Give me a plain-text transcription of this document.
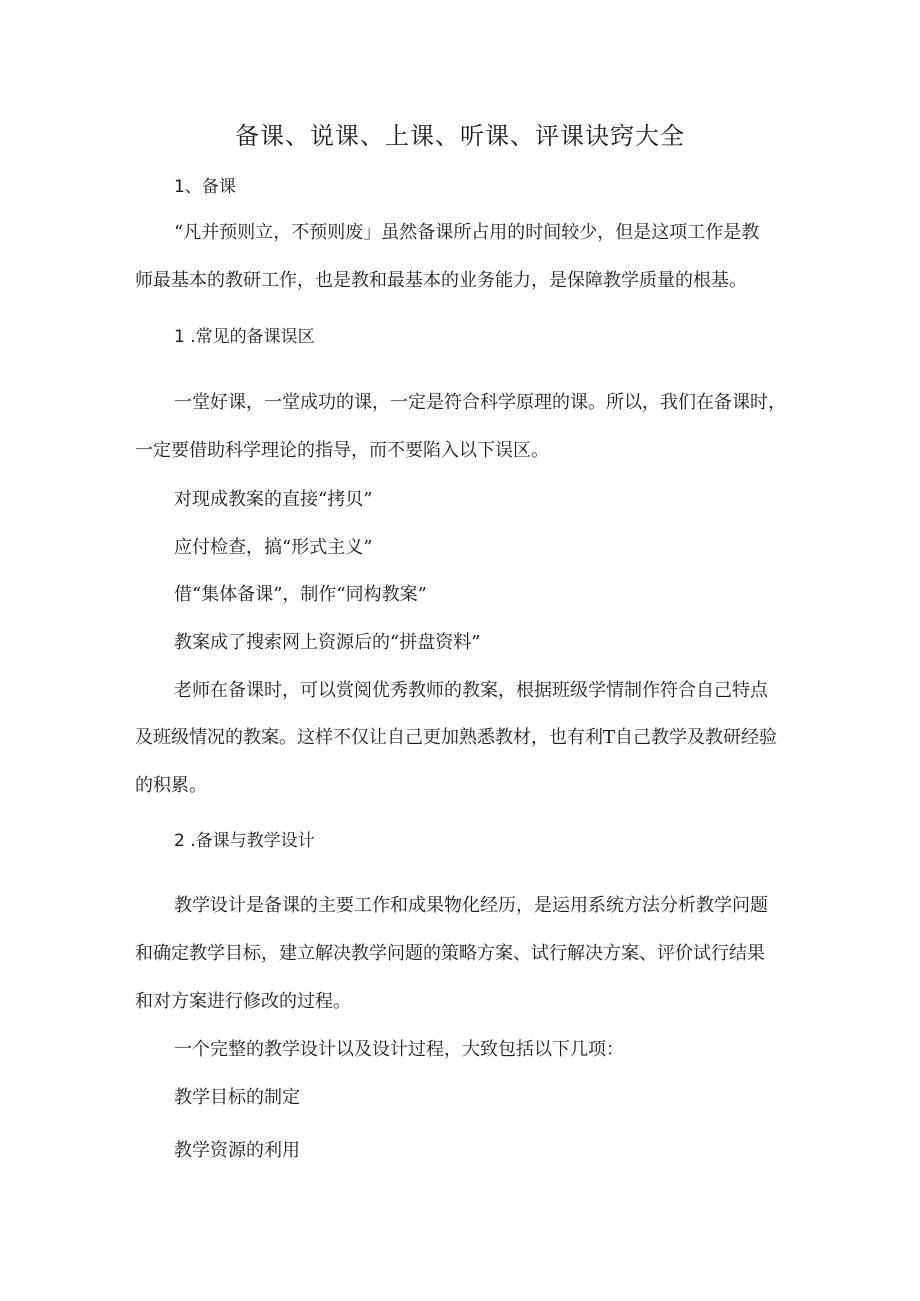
备课、说课、上课、听课、评课诀窍大全
1、备课
“凡并预则立，不预则废」虽然备课所占用的时间较少，但是这项工作是教
师最基本的教研工作，也是教和最基本的业务能力，是保障教学质量的根基。
1 .常见的备课误区
一堂好课，一堂成功的课，一定是符合科学原理的课。所以，我们在备课时，
一定要借助科学理论的指导，而不要陷入以下误区。
对现成教案的直接“拷贝”
应付检查，搞“形式主义”
借“集体备课”，制作“同构教案”
教案成了搜索网上资源后的“拼盘资料”
老师在备课时，可以赏阅优秀教师的教案，根据班级学情制作符合自己特点
及班级情况的教案。这样不仅让自己更加熟悉教材，也有利T自己教学及教研经验
的积累。
2 .备课与教学设计
教学设计是备课的主要工作和成果物化经历，是运用系统方法分析教学问题
和确定教学目标，建立解决教学问题的策略方案、试行解决方案、评价试行结果
和对方案进行修改的过程。
一个完整的教学设计以及设计过程，大致包括以下几项：
教学目标的制定
教学资源的利用
